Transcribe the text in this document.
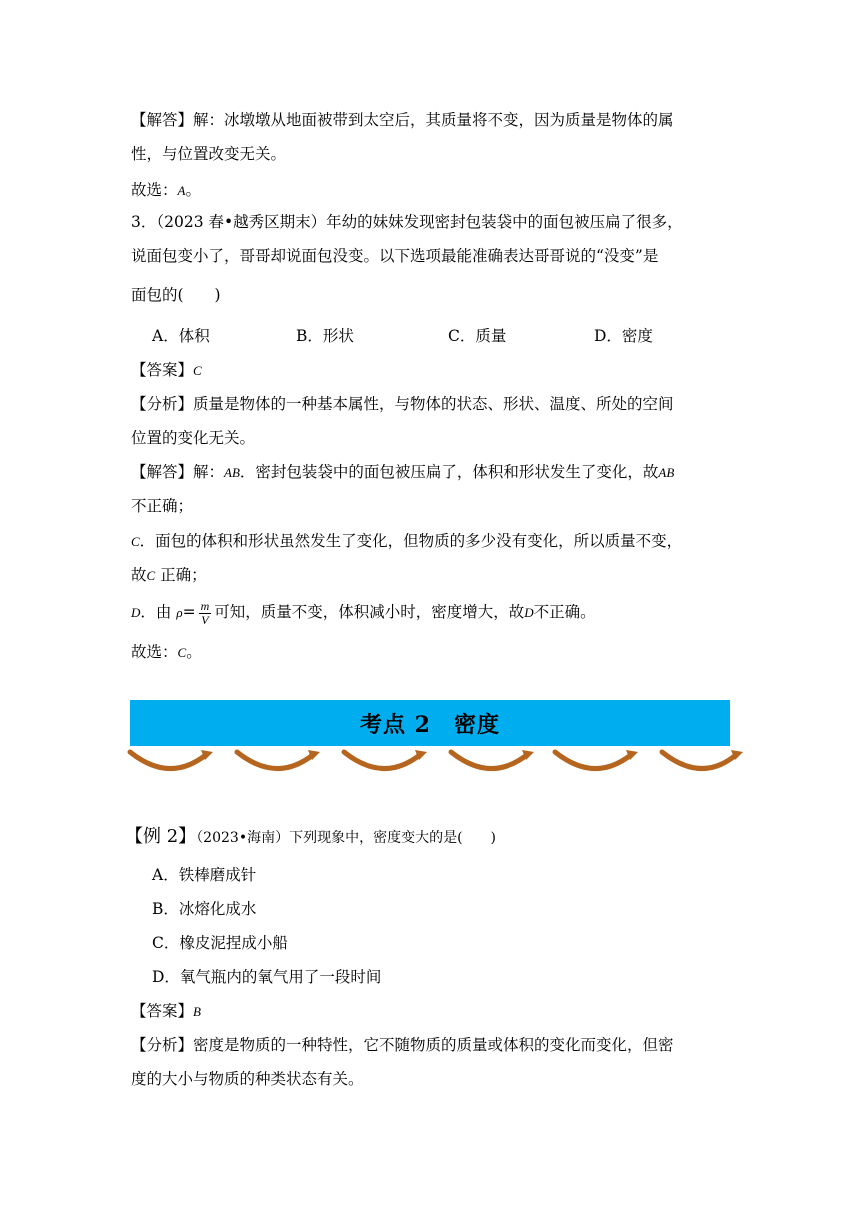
【解答】解：冰墩墩从地面被带到太空后，其质量将不变，因为质量是物体的属
性，与位置改变无关。
故选：A。
3．（2023 春•越秀区期末）年幼的妹妹发现密封包装袋中的面包被压扁了很多，
说面包变小了，哥哥却说面包没变。以下选项最能准确表达哥哥说的“没变”是
面包的(　　)
A．体积	B．形状	C．质量	D．密度
【答案】C
【分析】质量是物体的一种基本属性，与物体的状态、形状、温度、所处的空间
位置的变化无关。
【解答】解：AB．密封包装袋中的面包被压扁了，体积和形状发生了变化，故AB
不正确；
C．面包的体积和形状虽然发生了变化，但物质的多少没有变化，所以质量不变，
故C 正确；
D．由 $\rho= \frac{m}{V}$ 可知，质量不变，体积减小时，密度增大，故D不正确。
故选：C。
考点 2　密度
【例 2】（2023•海南）下列现象中，密度变大的是(　　)
A．铁棒磨成针
B．冰熔化成水
C．橡皮泥捏成小船
D．氧气瓶内的氧气用了一段时间
【答案】B
【分析】密度是物质的一种特性，它不随物质的质量或体积的变化而变化，但密
度的大小与物质的种类状态有关。
